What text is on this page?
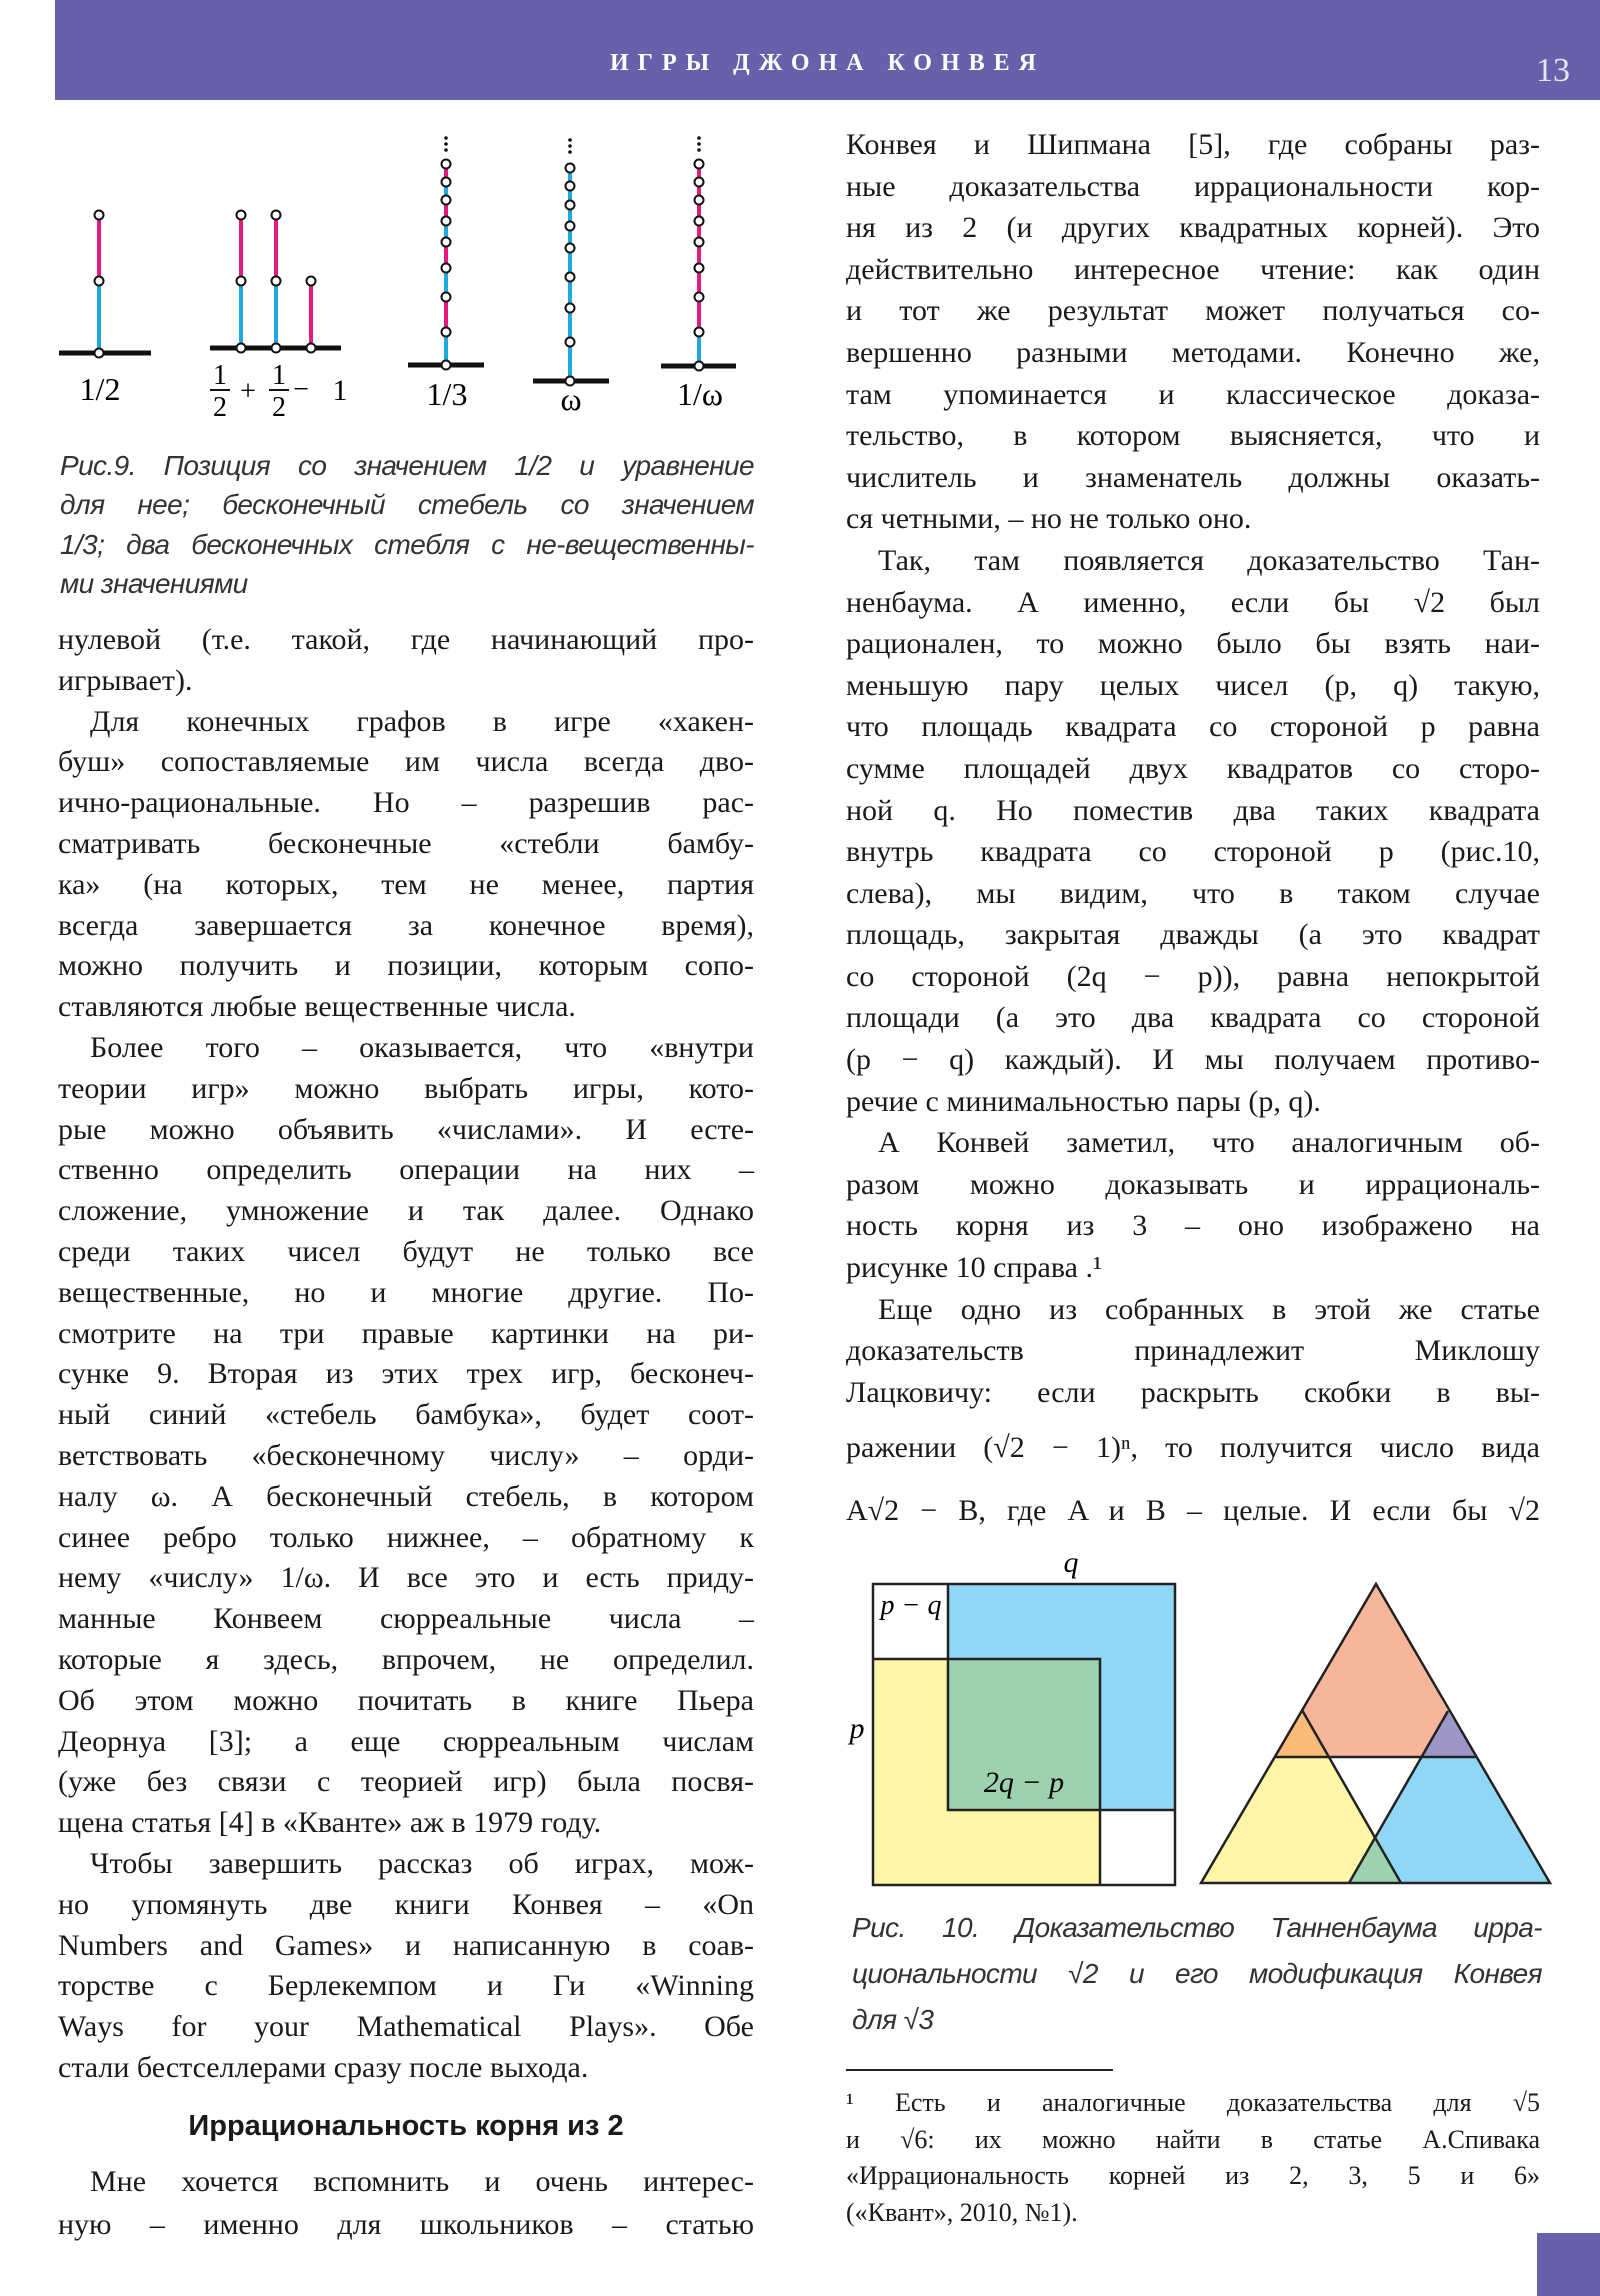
ИГРЫ ДЖОНА КОНВЕЯ	13
1/2	1
2
+
1
2
− 1 1/3	ω	1/ω
Рис.9. Позиция со значением 1/2 и уравнение
для нее; бесконечный стебель со значением
1/3; два бесконечных стебля с не-вещественны-
ми значениями
нулевой (т.е. такой, где начинающий про-
игрывает).
Для конечных графов в игре «хакен-
буш» сопоставляемые им числа всегда дво-
ично-рациональные. Но – разрешив рас-
сматривать бесконечные «стебли бамбу-
ка» (на которых, тем не менее, партия
всегда завершается за конечное время),
можно получить и позиции, которым сопо-
ставляются любые вещественные числа.
Более того – оказывается, что «внутри
теории игр» можно выбрать игры, кото-
рые можно объявить «числами». И есте-
ственно определить операции на них –
сложение, умножение и так далее. Однако
среди таких чисел будут не только все
вещественные, но и многие другие. По-
смотрите на три правые картинки на ри-
сунке 9. Вторая из этих трех игр, бесконеч-
ный синий «стебель бамбука», будет соот-
ветствовать «бесконечному числу» – орди-
налу ω. А бесконечный стебель, в котором
синее ребро только нижнее, – обратному к
нему «числу» 1/ω. И все это и есть приду-
манные Конвеем сюрреальные числа –
которые я здесь, впрочем, не определил.
Об этом можно почитать в книге Пьера
Деорнуа [3]; а еще сюрреальным числам
(уже без связи с теорией игр) была посвя-
щена статья [4] в «Кванте» аж в 1979 году.
Чтобы завершить рассказ об играх, мож-
но упомянуть две книги Конвея – «On
Numbers and Games» и написанную в соав-
торстве с Берлекемпом и Ги «Winning
Ways for your Mathematical Plays». Обе
стали бестселлерами сразу после выхода.
Иррациональность корня из 2
Мне хочется вспомнить и очень интерес-
ную – именно для школьников – статью
Конвея и Шипмана [5], где собраны раз-
ные доказательства иррациональности кор-
ня из 2 (и других квадратных корней). Это
действительно интересное чтение: как один
и тот же результат может получаться со-
вершенно разными методами. Конечно же,
там упоминается и классическое доказа-
тельство, в котором выясняется, что и
числитель и знаменатель должны оказать-
ся четными, – но не только оно.
Так, там появляется доказательство Тан-
ненбаума. А именно, если бы √2 был
рационален, то можно было бы взять наи-
меньшую пару целых чисел (p, q) такую,
что площадь квадрата со стороной p равна
сумме площадей двух квадратов со сторо-
ной q. Но поместив два таких квадрата
внутрь квадрата со стороной p (рис.10,
слева), мы видим, что в таком случае
площадь, закрытая дважды (а это квадрат
со стороной (2q − p)), равна непокрытой
площади (а это два квадрата со стороной
(p − q) каждый). И мы получаем противо-
речие с минимальностью пары (p, q).
А Конвей заметил, что аналогичным об-
разом можно доказывать и иррациональ-
ность корня из 3 – оно изображено на
рисунке 10 справа .¹
Еще одно из собранных в этой же статье
доказательств принадлежит Миклошу
Лацковичу: если раскрыть скобки в вы-
ражении (√2 − 1)ⁿ, то получится число вида
A√2 − B, где A и B – целые. И если бы √2
q
p − q
p
2q − p
Рис. 10. Доказательство Танненбаума ирра-
циональности √2 и его модификация Конвея
для √3
¹ Есть и аналогичные доказательства для √5
и √6: их можно найти в статье А.Спивака
«Иррациональность корней из 2, 3, 5 и 6»
(«Квант», 2010, №1).
